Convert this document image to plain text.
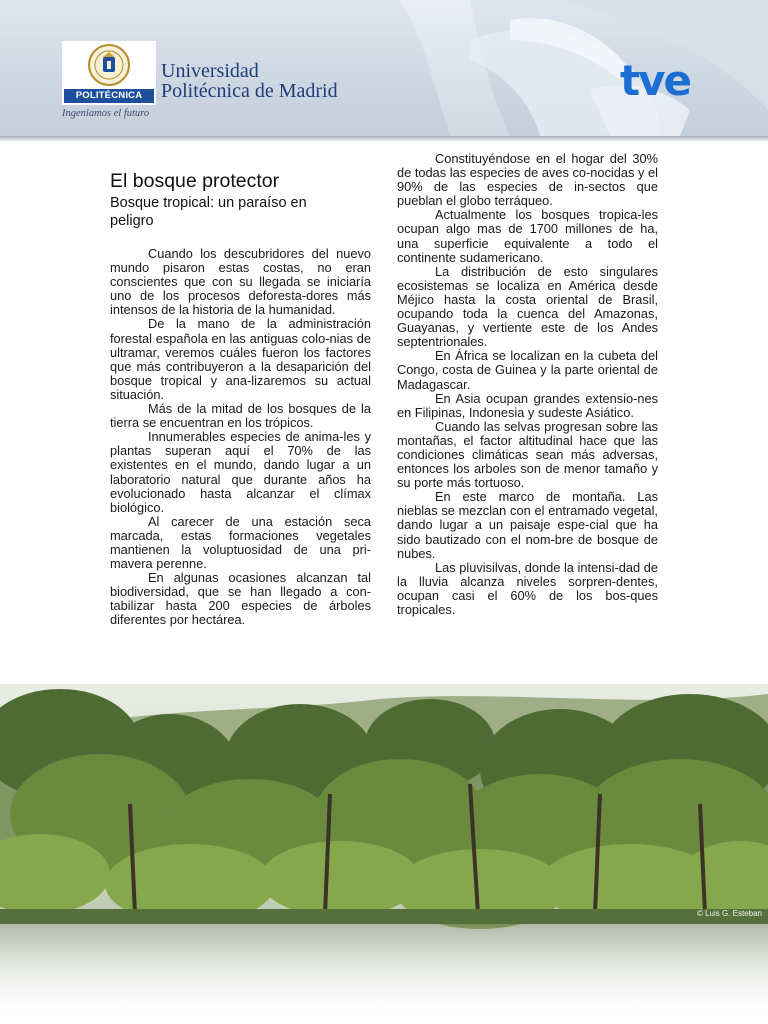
POLITÉCNICA
Ingeniamos el futuro
Universidad
Politécnica de Madrid	tve
El bosque protector
Bosque tropical: un paraíso en peligro

Cuando los descubridores del nuevo mundo pisaron estas costas, no eran conscientes que con su llegada se iniciaría uno de los procesos deforesta-dores más intensos de la historia de la humanidad.

De la mano de la administración forestal española en las antiguas colo-nias de ultramar, veremos cuáles fueron los factores que más contribuyeron a la desaparición del bosque tropical y ana-lizaremos su actual situación.

Más de la mitad de los bosques de la tierra se encuentran en los trópicos.

Innumerables especies de anima-les y plantas superan aquí el 70% de las existentes en el mundo, dando lugar a un laboratorio natural que durante años ha evolucionado hasta alcanzar el clímax biológico.

Al carecer de una estación seca marcada, estas formaciones vegetales mantienen la voluptuosidad de una pri-mavera perenne.

En algunas ocasiones alcanzan tal biodiversidad, que se han llegado a con-tabilizar hasta 200 especies de árboles diferentes por hectárea.

Constituyéndose en el hogar del 30% de todas las especies de aves co-nocidas y el 90% de las especies de in-sectos que pueblan el globo terráqueo.

Actualmente los bosques tropica-les ocupan algo mas de 1700 millones de ha, una superficie equivalente a todo el continente sudamericano.

La distribución de esto singulares ecosistemas se localiza en América desde Méjico hasta la costa oriental de Brasil, ocupando toda la cuenca del Amazonas, Guayanas, y vertiente este de los Andes septentrionales.

En África se localizan en la cubeta del Congo, costa de Guinea y la parte oriental de Madagascar.

En Asia ocupan grandes extensio-nes en Filipinas, Indonesia y sudeste Asiático.

Cuando las selvas progresan sobre las montañas, el factor altitudinal hace que las condiciones climáticas sean más adversas, entonces los arboles son de menor tamaño y su porte más tortuoso.

En este marco de montaña. Las nieblas se mezclan con el entramado vegetal, dando lugar a un paisaje espe-cial que ha sido bautizado con el nom-bre de bosque de nubes.

Las pluvisilvas, donde la intensi-dad de la lluvia alcanza niveles sorpren-dentes, ocupan casi el 60% de los bos-ques tropicales.

© Luis G. Esteban
